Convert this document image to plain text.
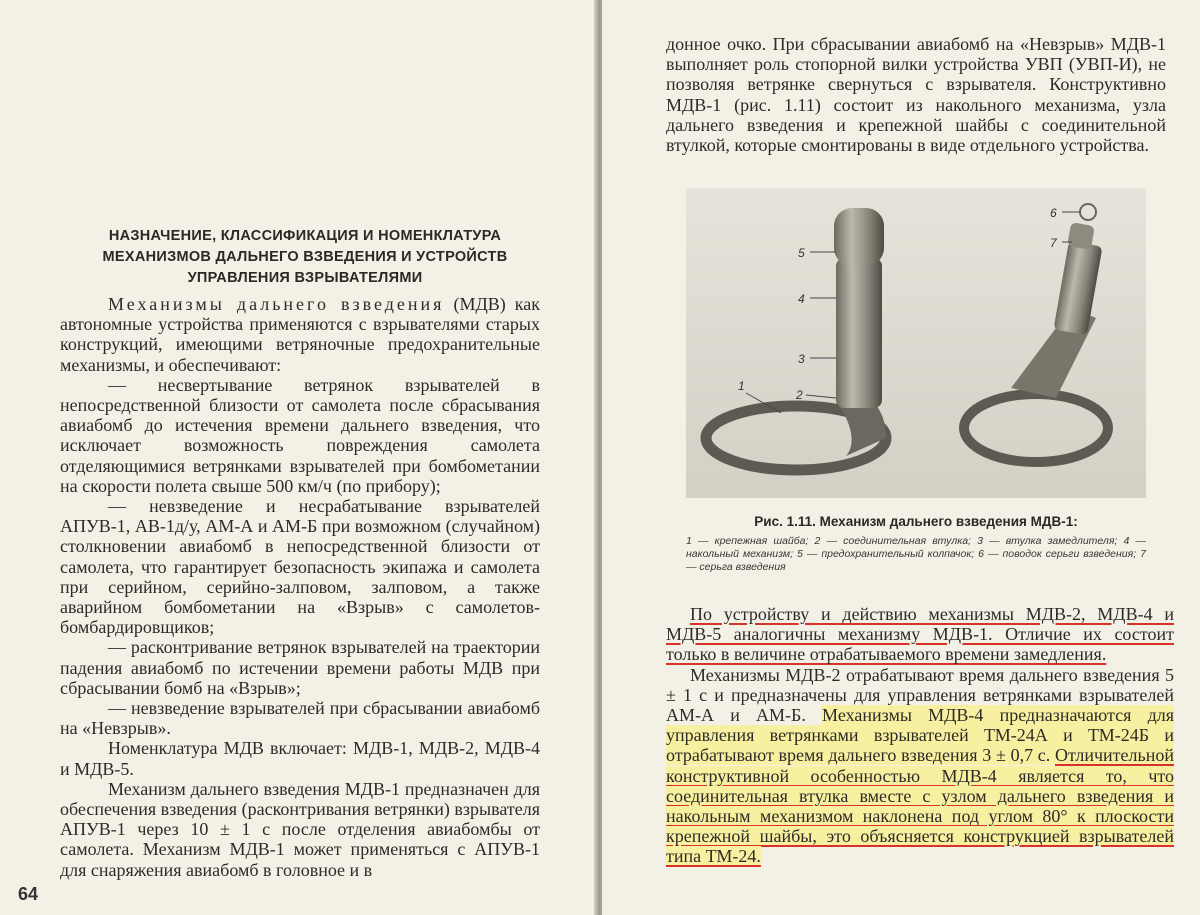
НАЗНАЧЕНИЕ, КЛАССИФИКАЦИЯ И НОМЕНКЛАТУРА
МЕХАНИЗМОВ ДАЛЬНЕГО ВЗВЕДЕНИЯ И УСТРОЙСТВ
УПРАВЛЕНИЯ ВЗРЫВАТЕЛЯМИ

Механизмы дальнего взведения (МДВ) как автономные устройства применяются с взрывателями старых конструкций, имеющими ветряночные предохранительные механизмы, и обеспечивают:

— несвертывание ветрянок взрывателей в непосредственной близости от самолета после сбрасывания авиабомб до истечения времени дальнего взведения, что исключает возможность повреждения самолета отделяющимися ветрянками взрывателей при бомбометании на скорости полета свыше 500 км/ч (по прибору);

— невзведение и несрабатывание взрывателей АПУВ-1, АВ-1д/у, АМ-А и АМ-Б при возможном (случайном) столкновении авиабомб в непосредственной близости от самолета, что гарантирует безопасность экипажа и самолета при серийном, серийно-залповом, залповом, а также аварийном бомбометании на «Взрыв» с самолетов-бомбардировщиков;

— расконтривание ветрянок взрывателей на траектории падения авиабомб по истечении времени работы МДВ при сбрасывании бомб на «Взрыв»;

— невзведение взрывателей при сбрасывании авиабомб на «Невзрыв».

Номенклатура МДВ включает: МДВ-1, МДВ-2, МДВ-4 и МДВ-5.

Механизм дальнего взведения МДВ-1 предназначен для обеспечения взведения (расконтривания ветрянки) взрывателя АПУВ-1 через 10 ± 1 с после отделения авиабомбы от самолета. Механизм МДВ-1 может применяться с АПУВ-1 для снаряжения авиабомб в головное и в

64

донное очко. При сбрасывании авиабомб на «Невзрыв» МДВ-1 выполняет роль стопорной вилки устройства УВП (УВП-И), не позволяя ветрянке свернуться с взрывателя. Конструктивно МДВ-1 (рис. 1.11) состоит из накольного механизма, узла дальнего взведения и крепежной шайбы с соединительной втулкой, которые смонтированы в виде отдельного устройства.

1
2
3
4
5
6
7
Рис. 1.11. Механизм дальнего взведения МДВ-1:
1 — крепежная шайба; 2 — соединительная втулка; 3 — втулка замедлителя; 4 — накольный механизм; 5 — предохранительный колпачок; 6 — поводок серьги взведения; 7 — серьга взведения

По устройству и действию механизмы МДВ-2, МДВ-4 и МДВ-5 аналогичны механизму МДВ-1. Отличие их состоит только в величине отрабатываемого времени замедления.

Механизмы МДВ-2 отрабатывают время дальнего взведения 5 ± 1 с и предназначены для управления ветрянками взрывателей АМ-А и АМ-Б. Механизмы МДВ-4 предназначаются для управления ветрянками взрывателей ТМ-24А и ТМ-24Б и отрабатывают время дальнего взведения 3 ± 0,7 с. Отличительной конструктивной особенностью МДВ-4 является то, что соединительная втулка вместе с узлом дальнего взведения и накольным механизмом наклонена под углом 80° к плоскости крепежной шайбы, это объясняется конструкцией взрывателей типа ТМ-24.
